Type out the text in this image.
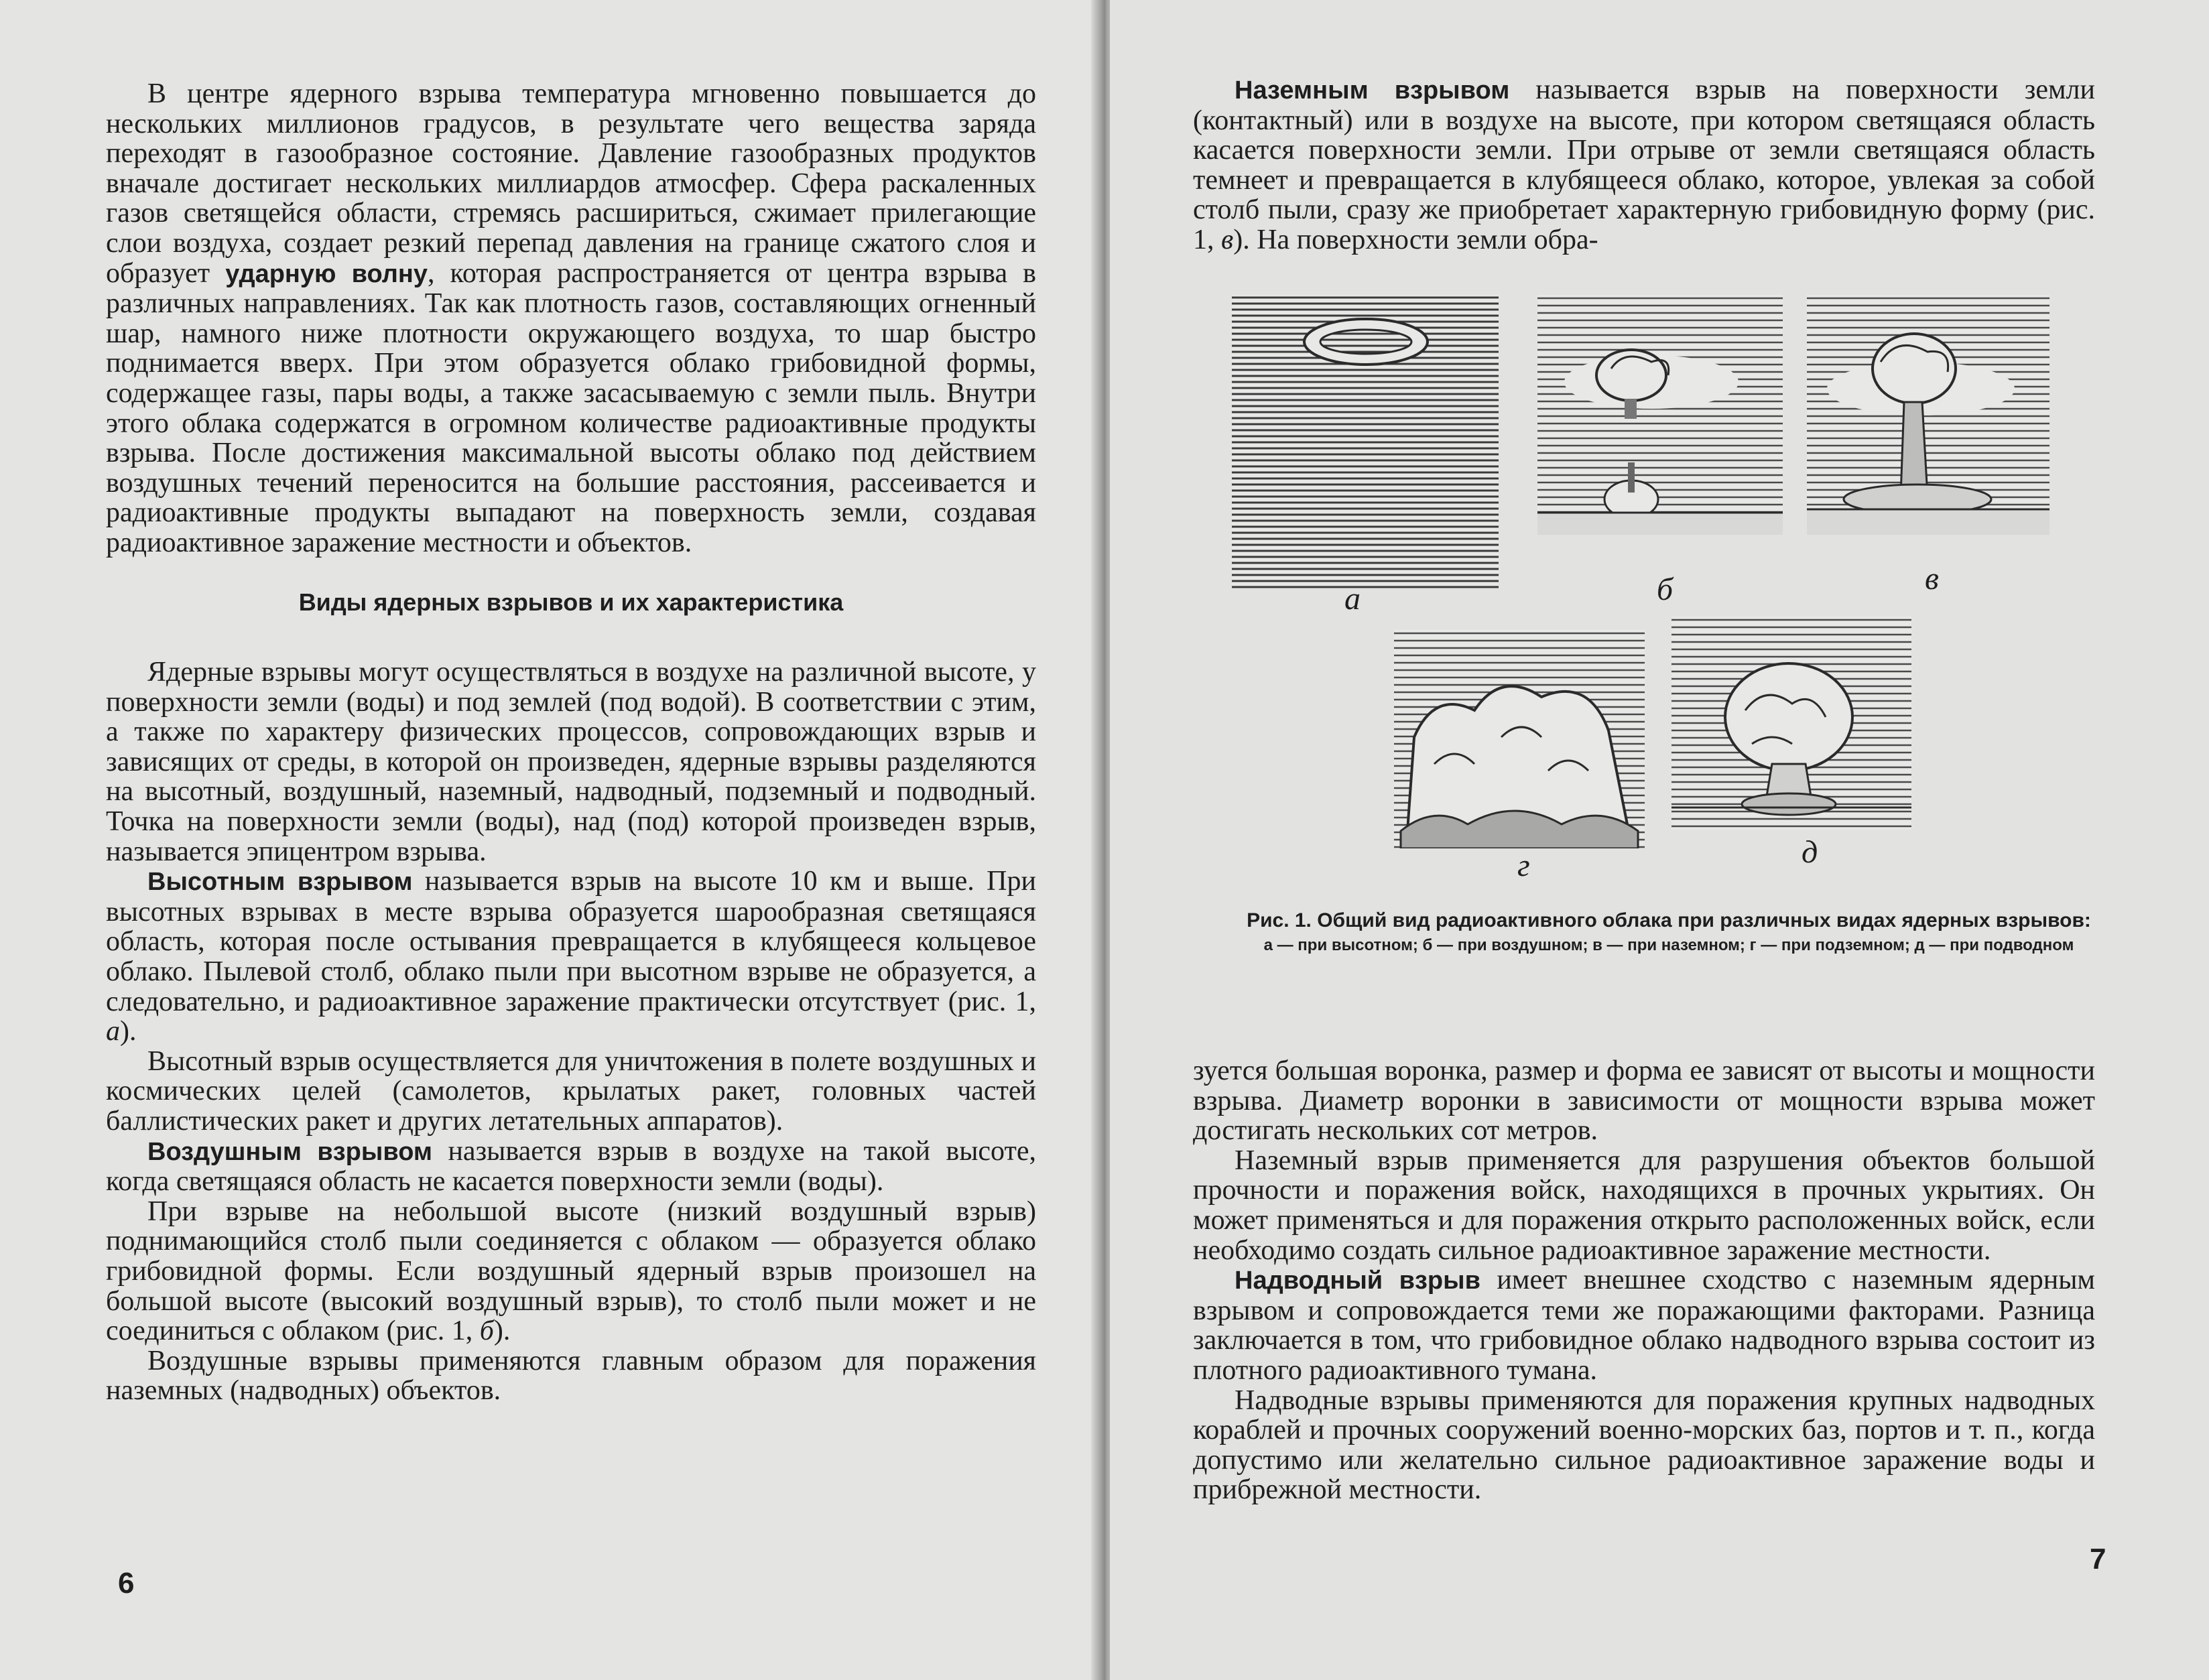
В центре ядерного взрыва температура мгновенно повышается до нескольких миллионов градусов, в результате чего вещества заряда переходят в газообразное состояние. Давление газообразных продуктов вначале достигает нескольких миллиардов атмосфер. Сфера раскаленных газов светящейся области, стремясь расшириться, сжимает прилегающие слои воздуха, создает резкий перепад давления на границе сжатого слоя и образует ударную волну, которая распространяется от центра взрыва в различных направлениях. Так как плотность газов, составляющих огненный шар, намного ниже плотности окружающего воздуха, то шар быстро поднимается вверх. При этом образуется облако грибовидной формы, содержащее газы, пары воды, а также засасываемую с земли пыль. Внутри этого облака содержатся в огромном количестве радиоактивные продукты взрыва. После достижения максимальной высоты облако под действием воздушных течений переносится на большие расстояния, рассеивается и радиоактивные продукты выпадают на поверхность земли, создавая радиоактивное заражение местности и объектов.

Виды ядерных взрывов и их характеристика

Ядерные взрывы могут осуществляться в воздухе на различной высоте, у поверхности земли (воды) и под землей (под водой). В соответствии с этим, а также по характеру физических процессов, сопровождающих взрыв и зависящих от среды, в которой он произведен, ядерные взрывы разделяются на высотный, воздушный, наземный, надводный, подземный и подводный. Точка на поверхности земли (воды), над (под) которой произведен взрыв, называется эпицентром взрыва.

Высотным взрывом называется взрыв на высоте 10 км и выше. При высотных взрывах в месте взрыва образуется шарообразная светящаяся область, которая после остывания превращается в клубящееся кольцевое облако. Пылевой столб, облако пыли при высотном взрыве не образуется, а следовательно, и радиоактивное заражение практически отсутствует (рис. 1, а).

Высотный взрыв осуществляется для уничтожения в полете воздушных и космических целей (самолетов, крылатых ракет, головных частей баллистических ракет и других летательных аппаратов).

Воздушным взрывом называется взрыв в воздухе на такой высоте, когда светящаяся область не касается поверхности земли (воды).

При взрыве на небольшой высоте (низкий воздушный взрыв) поднимающийся столб пыли соединяется с облаком — образуется облако грибовидной формы. Если воздушный ядерный взрыв произошел на большой высоте (высокий воздушный взрыв), то столб пыли может и не соединиться с облаком (рис. 1, б).

Воздушные взрывы применяются главным образом для поражения наземных (надводных) объектов.

6

Наземным взрывом называется взрыв на поверхности земли (контактный) или в воздухе на высоте, при котором светящаяся область касается поверхности земли. При отрыве от земли светящаяся область темнеет и превращается в клубящееся облако, которое, увлекая за собой столб пыли, сразу же приобретает характерную грибовидную форму (рис. 1, в). На поверхности земли обра-

а	б	в
г	д
Рис. 1. Общий вид радиоактивного облака при различных видах ядерных взрывов:
а — при высотном; б — при воздушном; в — при наземном; г — при подземном; д — при подводном

зуется большая воронка, размер и форма ее зависят от высоты и мощности взрыва. Диаметр воронки в зависимости от мощности взрыва может достигать нескольких сот метров.

Наземный взрыв применяется для разрушения объектов большой прочности и поражения войск, находящихся в прочных укрытиях. Он может применяться и для поражения открыто расположенных войск, если необходимо создать сильное радиоактивное заражение местности.

Надводный взрыв имеет внешнее сходство с наземным ядерным взрывом и сопровождается теми же поражающими факторами. Разница заключается в том, что грибовидное облако надводного взрыва состоит из плотного радиоактивного тумана.

Надводные взрывы применяются для поражения крупных надводных кораблей и прочных сооружений военно-морских баз, портов и т. п., когда допустимо или желательно сильное радиоактивное заражение воды и прибрежной местности.

7
